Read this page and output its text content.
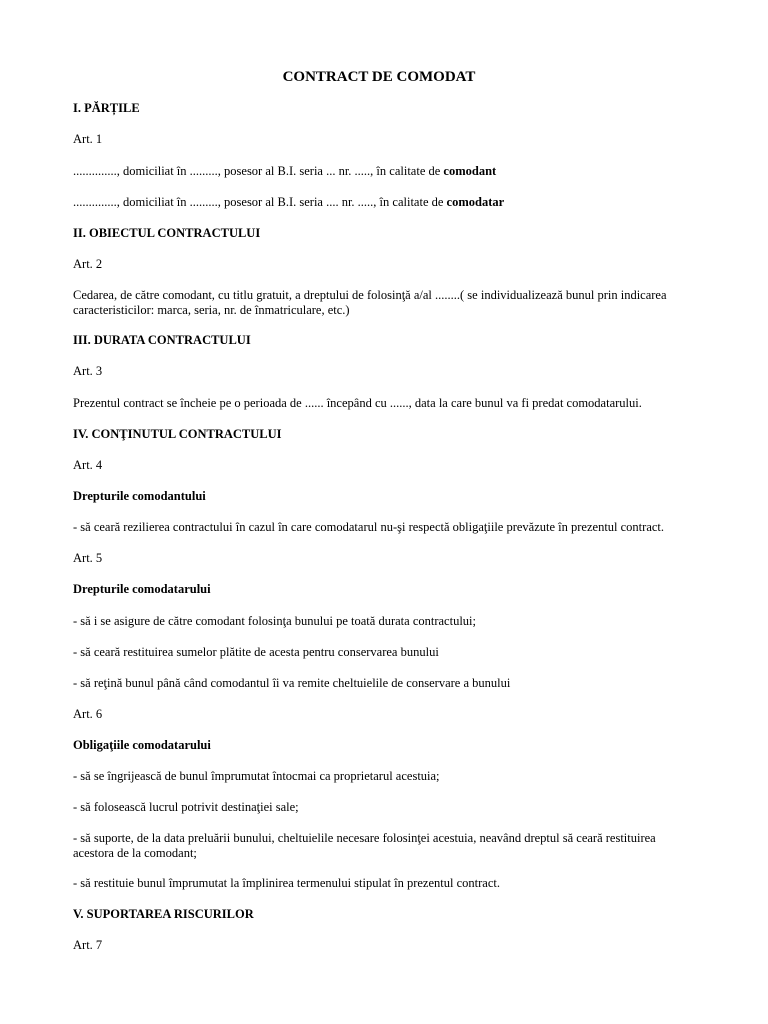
CONTRACT DE COMODAT
I. PĂRȚILE
Art. 1
.............., domiciliat în ........., posesor al B.I. seria ... nr. ....., în calitate de comodant
.............., domiciliat în ........., posesor al B.I. seria .... nr. ....., în calitate de comodatar
II. OBIECTUL CONTRACTULUI
Art. 2
Cedarea, de către comodant, cu titlu gratuit, a dreptului de folosinţă a/al ........( se individualizează bunul prin indicarea caracteristicilor: marca, seria, nr. de înmatriculare, etc.)
III. DURATA CONTRACTULUI
Art. 3
Prezentul contract se încheie pe o perioada de ...... începând cu ......, data la care bunul va fi predat comodatarului.
IV. CONŢINUTUL CONTRACTULUI
Art. 4
Drepturile comodantului
- să ceară rezilierea contractului în cazul în care comodatarul nu-şi respectă obligaţiile prevăzute în prezentul contract.
Art. 5
Drepturile comodatarului
- să i se asigure de către comodant folosinţa bunului pe toată durata contractului;
- să ceară restituirea sumelor plătite de acesta pentru conservarea bunului
- să reţină bunul până când comodantul îi va remite cheltuielile de conservare a bunului
Art. 6
Obligaţiile comodatarului
- să se îngrijească de bunul împrumutat întocmai ca proprietarul acestuia;
- să folosească lucrul potrivit destinaţiei sale;
- să suporte, de la data preluării bunului, cheltuielile necesare folosinţei acestuia, neavând dreptul să ceară restituirea acestora de la comodant;
- să restituie bunul împrumutat la împlinirea termenului stipulat în prezentul contract.
V. SUPORTAREA RISCURILOR
Art. 7
